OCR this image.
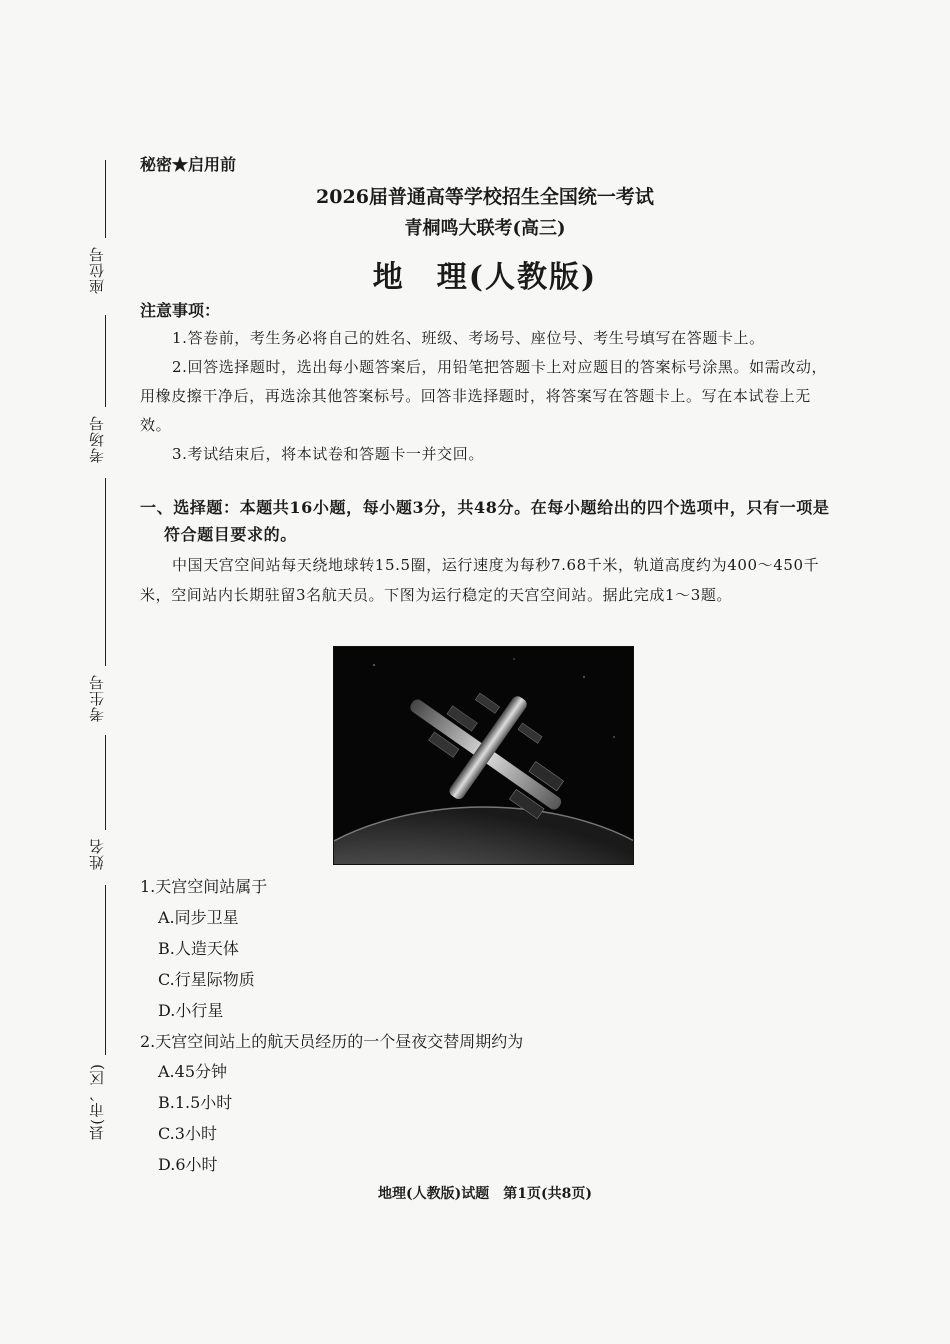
座位号
考场号
考生号
姓名
县(市、区)
秘密★启用前
2026届普通高等学校招生全国统一考试
青桐鸣大联考(高三)
地　理(人教版)
注意事项：
1.答卷前，考生务必将自己的姓名、班级、考场号、座位号、考生号填写在答题卡上。
2.回答选择题时，选出每小题答案后，用铅笔把答题卡上对应题目的答案标号涂黑。如需改动，用橡皮擦干净后，再选涂其他答案标号。回答非选择题时，将答案写在答题卡上。写在本试卷上无效。
3.考试结束后，将本试卷和答题卡一并交回。
一、选择题：本题共16小题，每小题3分，共48分。在每小题给出的四个选项中，只有一项是
符合题目要求的。
中国天宫空间站每天绕地球转15.5圈，运行速度为每秒7.68千米，轨道高度约为400～450千米，空间站内长期驻留3名航天员。下图为运行稳定的天宫空间站。据此完成1～3题。
1.天宫空间站属于
A.同步卫星
B.人造天体
C.行星际物质
D.小行星
2.天宫空间站上的航天员经历的一个昼夜交替周期约为
A.45分钟
B.1.5小时
C.3小时
D.6小时
地理(人教版)试题　第1页(共8页)
